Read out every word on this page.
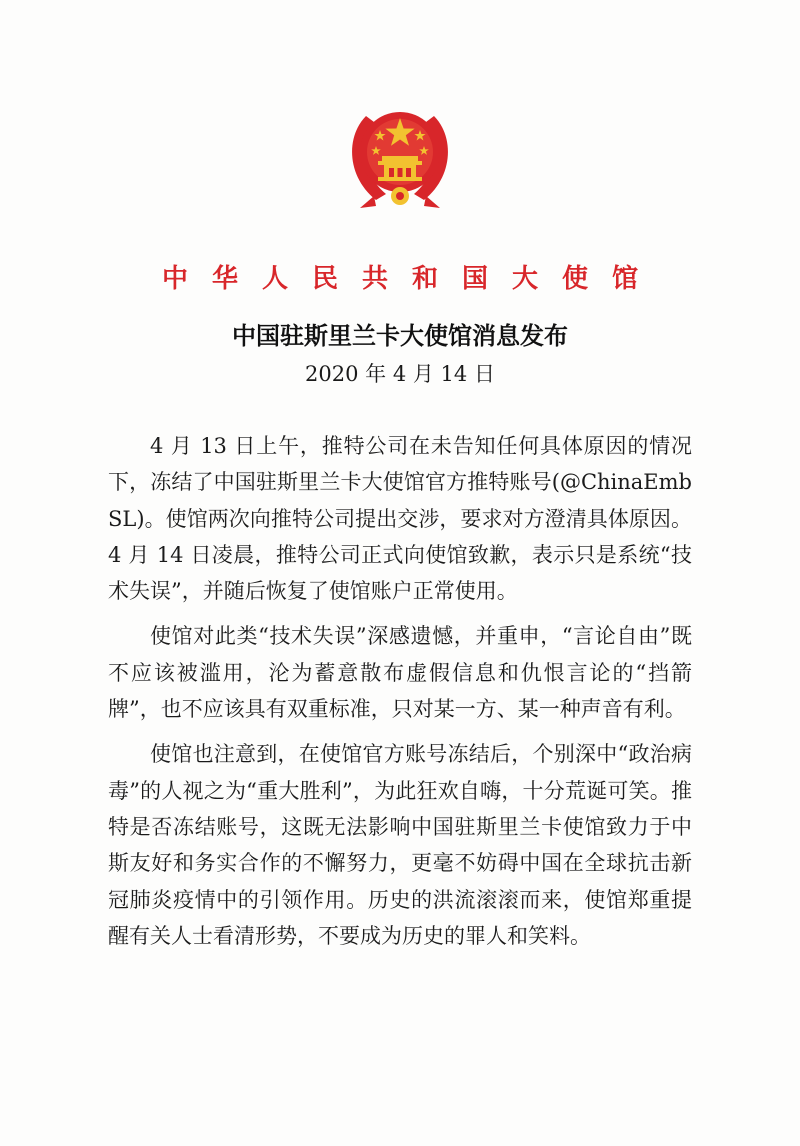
中华人民共和国大使馆
中国驻斯里兰卡大使馆消息发布
2020 年 4 月 14 日

4 月 13 日上午，推特公司在未告知任何具体原因的情况下，冻结了中国驻斯里兰卡大使馆官方推特账号(@ChinaEmbSL)。使馆两次向推特公司提出交涉，要求对方澄清具体原因。4 月 14 日凌晨，推特公司正式向使馆致歉，表示只是系统“技术失误”，并随后恢复了使馆账户正常使用。

使馆对此类“技术失误”深感遗憾，并重申，“言论自由”既不应该被滥用，沦为蓄意散布虚假信息和仇恨言论的“挡箭牌”，也不应该具有双重标准，只对某一方、某一种声音有利。

使馆也注意到，在使馆官方账号冻结后，个别深中“政治病毒”的人视之为“重大胜利”，为此狂欢自嗨，十分荒诞可笑。推特是否冻结账号，这既无法影响中国驻斯里兰卡使馆致力于中斯友好和务实合作的不懈努力，更毫不妨碍中国在全球抗击新冠肺炎疫情中的引领作用。历史的洪流滚滚而来，使馆郑重提醒有关人士看清形势，不要成为历史的罪人和笑料。
